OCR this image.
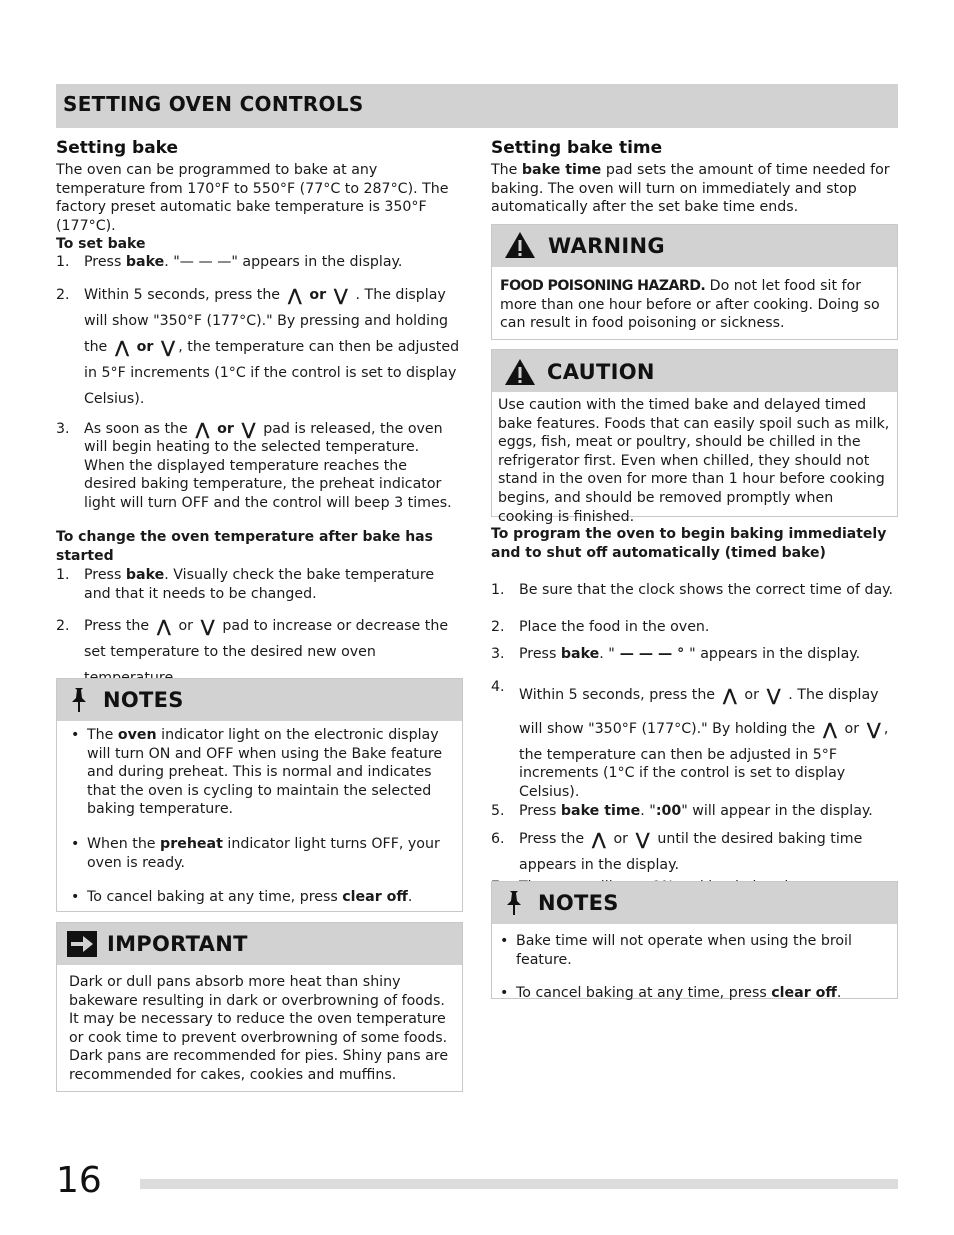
SETTING OVEN CONTROLS
Setting bake
The oven can be programmed to bake at any temperature from 170°F to 550°F (77°C to 287°C). The factory preset automatic bake temperature is 350°F (177°C).
To set bake
1. Press bake. "— — —" appears in the display.
2. Within 5 seconds, press the ⋀ or ⋁ . The display will show "350°F (177°C)." By pressing and holding the ⋀ or ⋁ , the temperature can then be adjusted in 5°F increments (1°C if the control is set to display Celsius).
3. As soon as the ⋀ or ⋁ pad is released, the oven will begin heating to the selected temperature. When the displayed temperature reaches the desired baking temperature, the preheat indicator light will turn OFF and the control will beep 3 times.
To change the oven temperature after bake has started
1. Press bake. Visually check the bake temperature and that it needs to be changed.
2. Press the ⋀ or ⋁ pad to increase or decrease the set temperature to the desired new oven
NOTES
• The oven indicator light on the electronic display will turn ON and OFF when using the Bake feature and during preheat. This is normal and indicates that the oven is cycling to maintain the selected baking temperature.
• When the preheat indicator light turns OFF, your oven is ready.
• To cancel baking at any time, press clear off.
IMPORTANT
Dark or dull pans absorb more heat than shiny bakeware resulting in dark or overbrowning of foods. It may be necessary to reduce the oven temperature or cook time to prevent overbrowning of some foods. Dark pans are recommended for pies. Shiny pans are recommended for cakes, cookies and muffins.
Setting bake time
The bake time pad sets the amount of time needed for baking. The oven will turn on immediately and stop automatically after the set bake time ends.
WARNING
FOOD POISONING HAZARD. Do not let food sit for more than one hour before or after cooking. Doing so can result in food poisoning or sickness.
CAUTION
Use caution with the timed bake and delayed timed bake features. Foods that can easily spoil such as milk, eggs, fish, meat or poultry, should be chilled in the refrigerator first. Even when chilled, they should not stand in the oven for more than 1 hour before cooking begins, and should be removed promptly when cooking is finished.
To program the oven to begin baking immediately and to shut off automatically (timed bake)
1. Be sure that the clock shows the correct time of day.
2. Place the food in the oven.
3. Press bake. " — — — ° " appears in the display.
4. Within 5 seconds, press the ⋀ or ⋁ . The display will show "350°F (177°C)." By holding the ⋀ or ⋁ , the temperature can then be adjusted in 5°F increments (1°C if the control is set to display Celsius).
5. Press bake time. ":00" will appear in the display.
6. Press the ⋀ or ⋁ until the desired baking time appears in the display.
NOTES
• Bake time will not operate when using the broil feature.
• To cancel baking at any time, press clear off.
16
